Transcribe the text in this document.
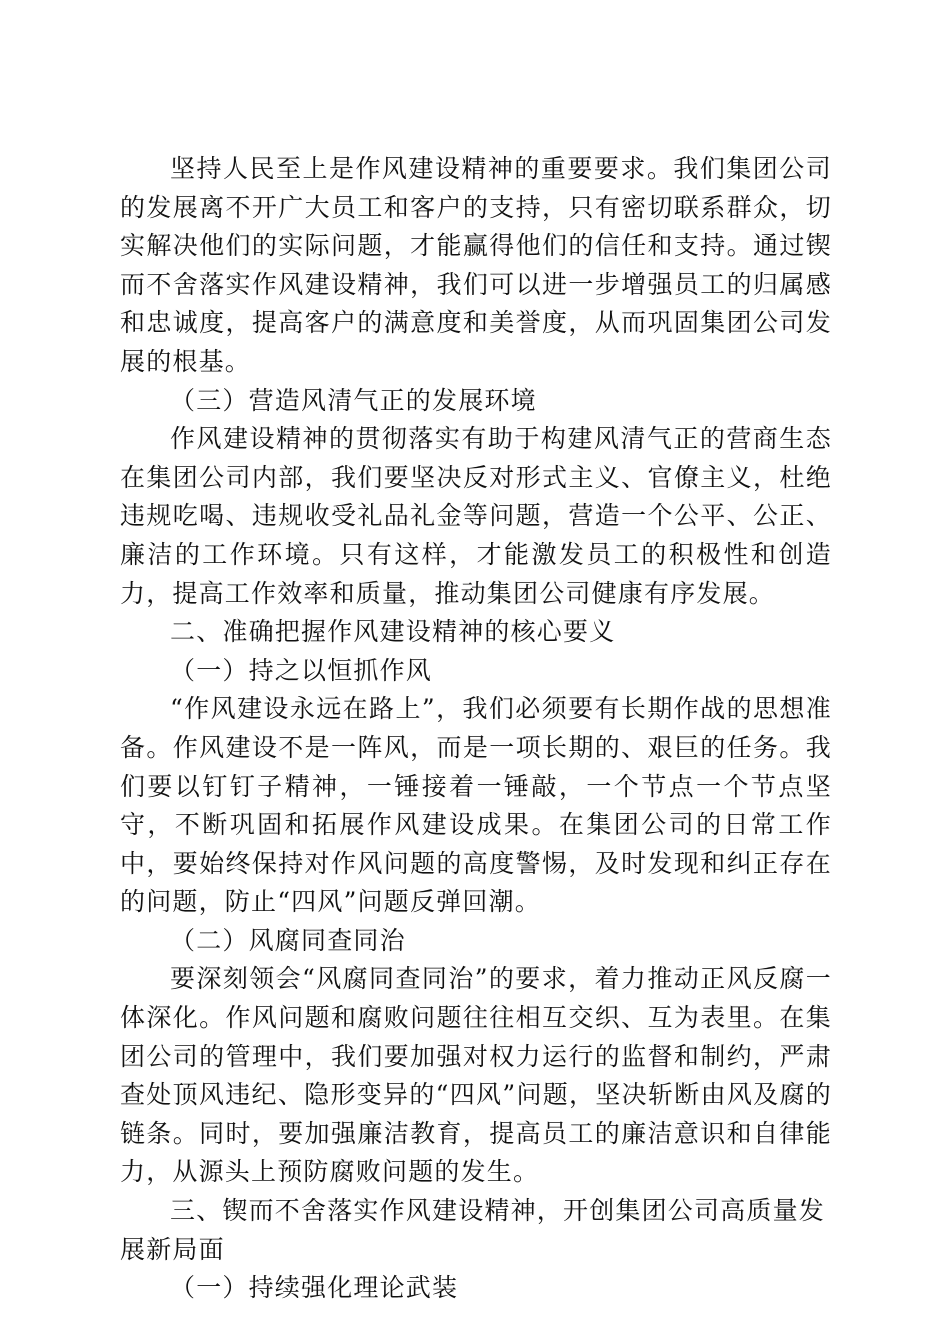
坚持人民至上是作风建设精神的重要要求。我们集团公司的发展离不开广大员工和客户的支持，只有密切联系群众，切实解决他们的实际问题，才能赢得他们的信任和支持。通过锲而不舍落实作风建设精神，我们可以进一步增强员工的归属感和忠诚度，提高客户的满意度和美誉度，从而巩固集团公司发展的根基。

（三）营造风清气正的发展环境

作风建设精神的贯彻落实有助于构建风清气正的营商生态在集团公司内部，我们要坚决反对形式主义、官僚主义，杜绝违规吃喝、违规收受礼品礼金等问题，营造一个公平、公正、廉洁的工作环境。只有这样，才能激发员工的积极性和创造力，提高工作效率和质量，推动集团公司健康有序发展。

二、准确把握作风建设精神的核心要义

（一）持之以恒抓作风

“作风建设永远在路上”，我们必须要有长期作战的思想准备。作风建设不是一阵风，而是一项长期的、艰巨的任务。我们要以钉钉子精神，一锤接着一锤敲，一个节点一个节点坚守，不断巩固和拓展作风建设成果。在集团公司的日常工作中，要始终保持对作风问题的高度警惕，及时发现和纠正存在的问题，防止“四风”问题反弹回潮。

（二）风腐同查同治

要深刻领会“风腐同查同治”的要求，着力推动正风反腐一体深化。作风问题和腐败问题往往相互交织、互为表里。在集团公司的管理中，我们要加强对权力运行的监督和制约，严肃查处顶风违纪、隐形变异的“四风”问题，坚决斩断由风及腐的链条。同时，要加强廉洁教育，提高员工的廉洁意识和自律能力，从源头上预防腐败问题的发生。

三、锲而不舍落实作风建设精神，开创集团公司高质量发展新局面

（一）持续强化理论武装
